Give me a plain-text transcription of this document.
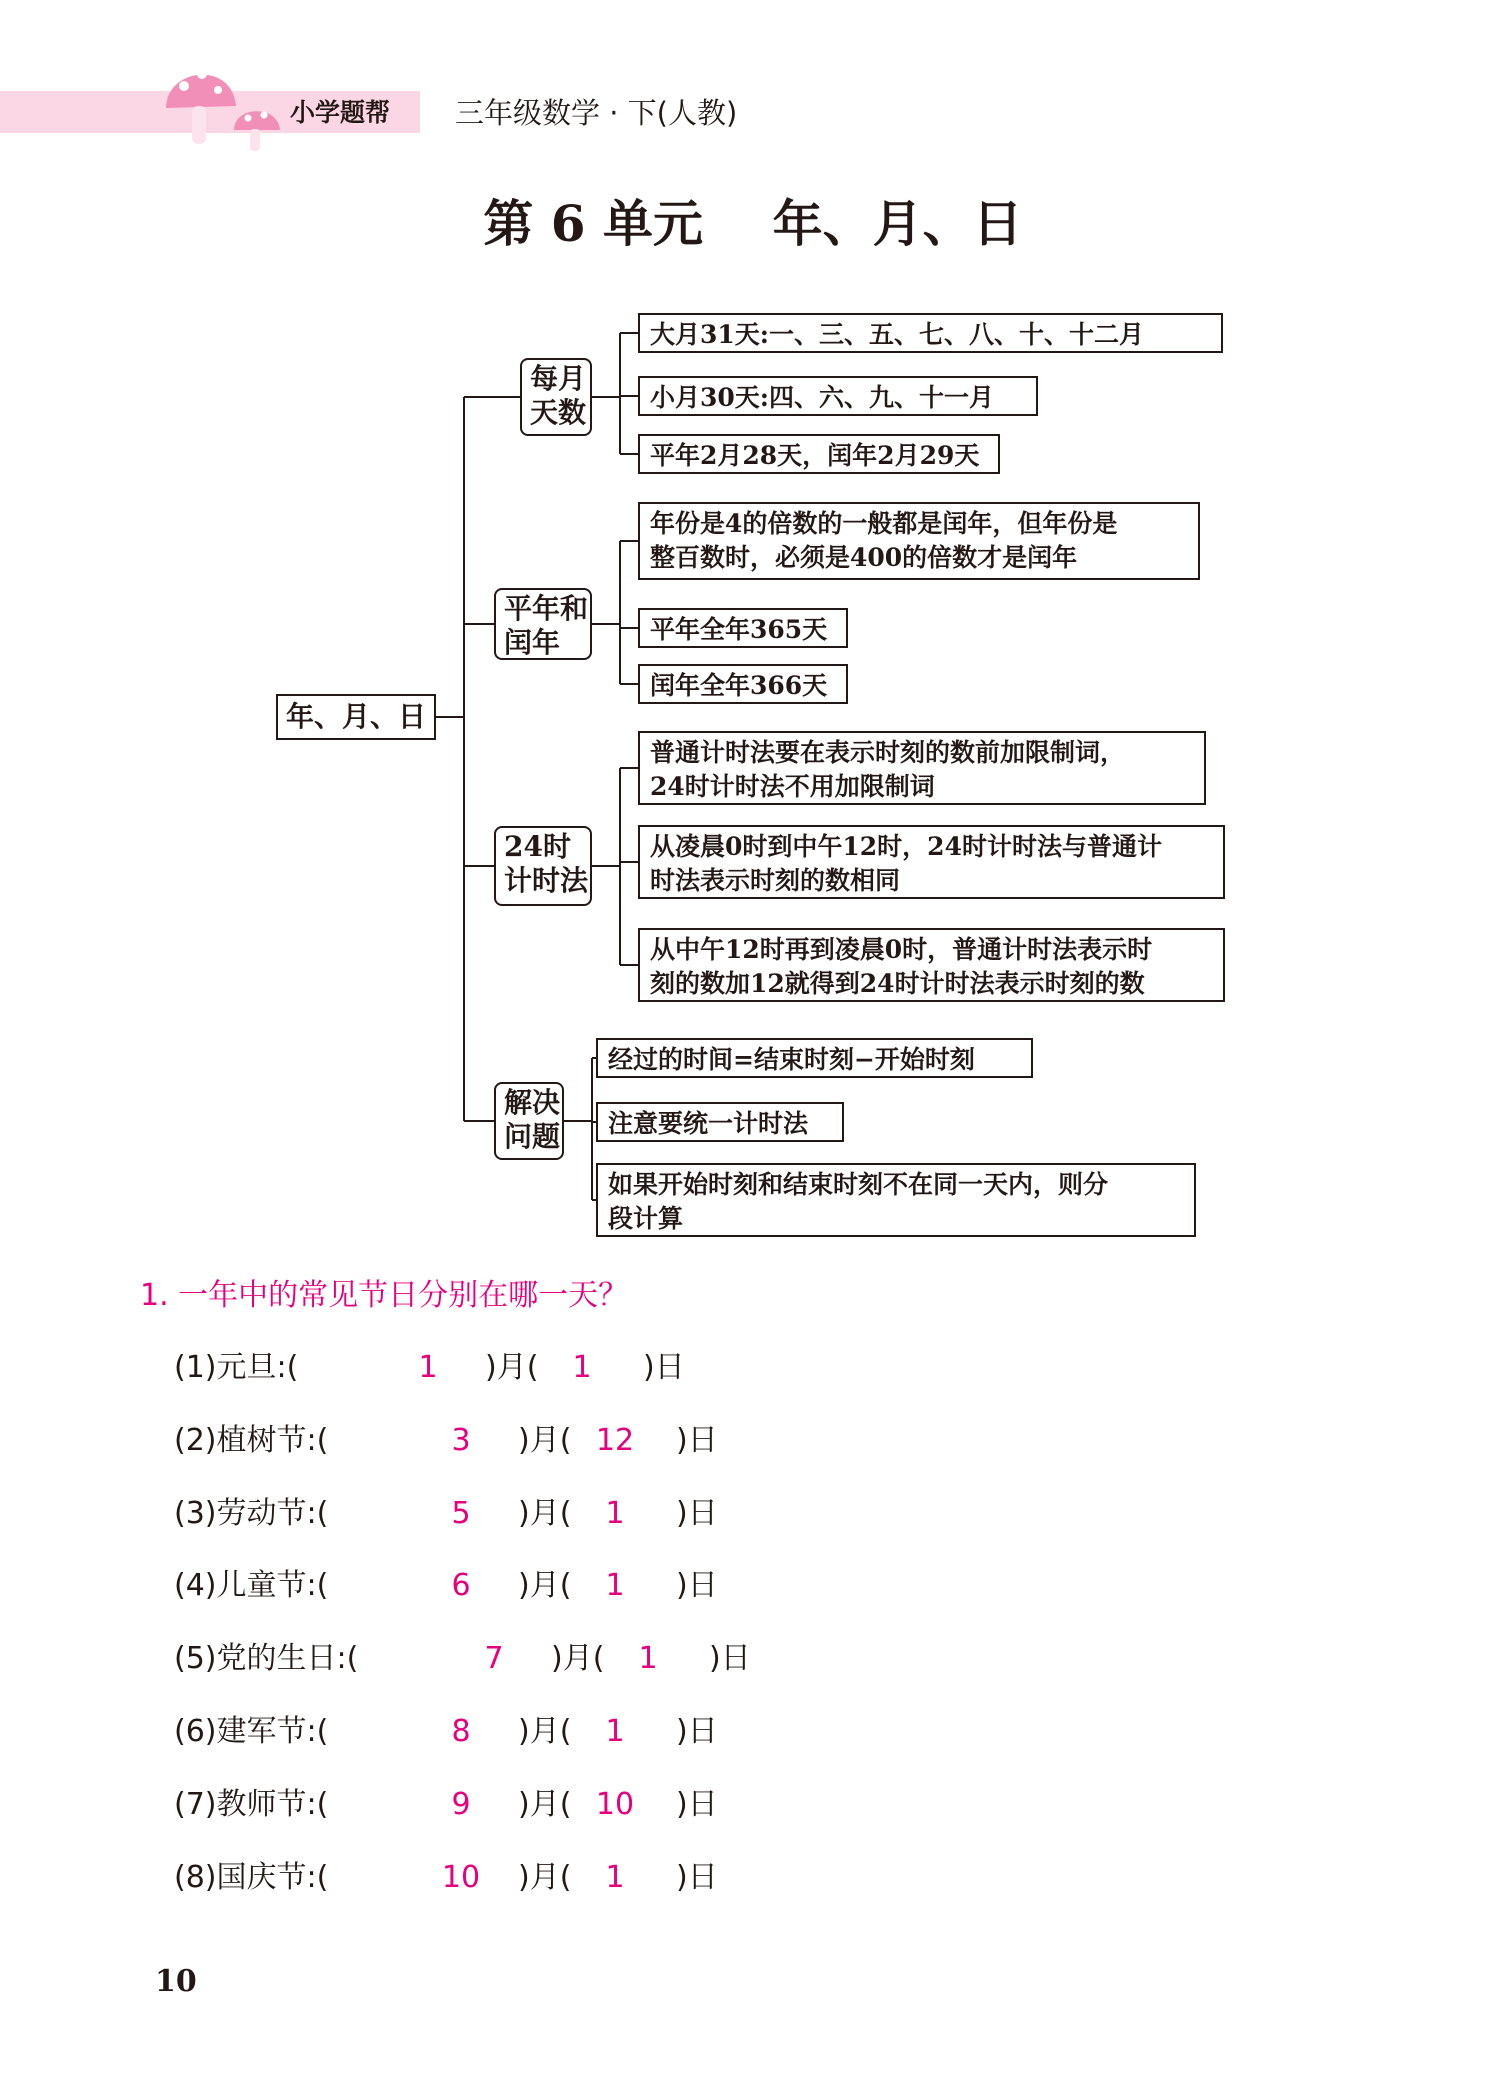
小学题帮 三年级数学 · 下(人教)
第 6 单元    年、月、日
年、月、日
每月
天数
大月31天:一、三、五、七、八、十、十二月
小月30天:四、六、九、十一月
平年2月28天，闰年2月29天
平年和
闰年
年份是4的倍数的一般都是闰年，但年份是
整百数时，必须是400的倍数才是闰年
平年全年365天
闰年全年366天
24时
计时法
普通计时法要在表示时刻的数前加限制词，
24时计时法不用加限制词
从凌晨0时到中午12时，24时计时法与普通计
时法表示时刻的数相同
从中午12时再到凌晨0时，普通计时法表示时
刻的数加12就得到24时计时法表示时刻的数
解决
问题
经过的时间=结束时刻−开始时刻
注意要统一计时法
如果开始时刻和结束时刻不在同一天内，则分
段计算
1. 一年中的常见节日分别在哪一天？
(1)元旦:(	1	)月(	1	)日
(2)植树节:(	3	)月( 12	)日
(3)劳动节:(	5	)月(	1	)日
(4)儿童节:(	6	)月(	1	)日
(5)党的生日:(	7	)月(	1	)日
(6)建军节:(	8	)月(	1	)日
(7)教师节:(	9	)月( 10	)日
(8)国庆节:(	10	)月(	1	)日
10
